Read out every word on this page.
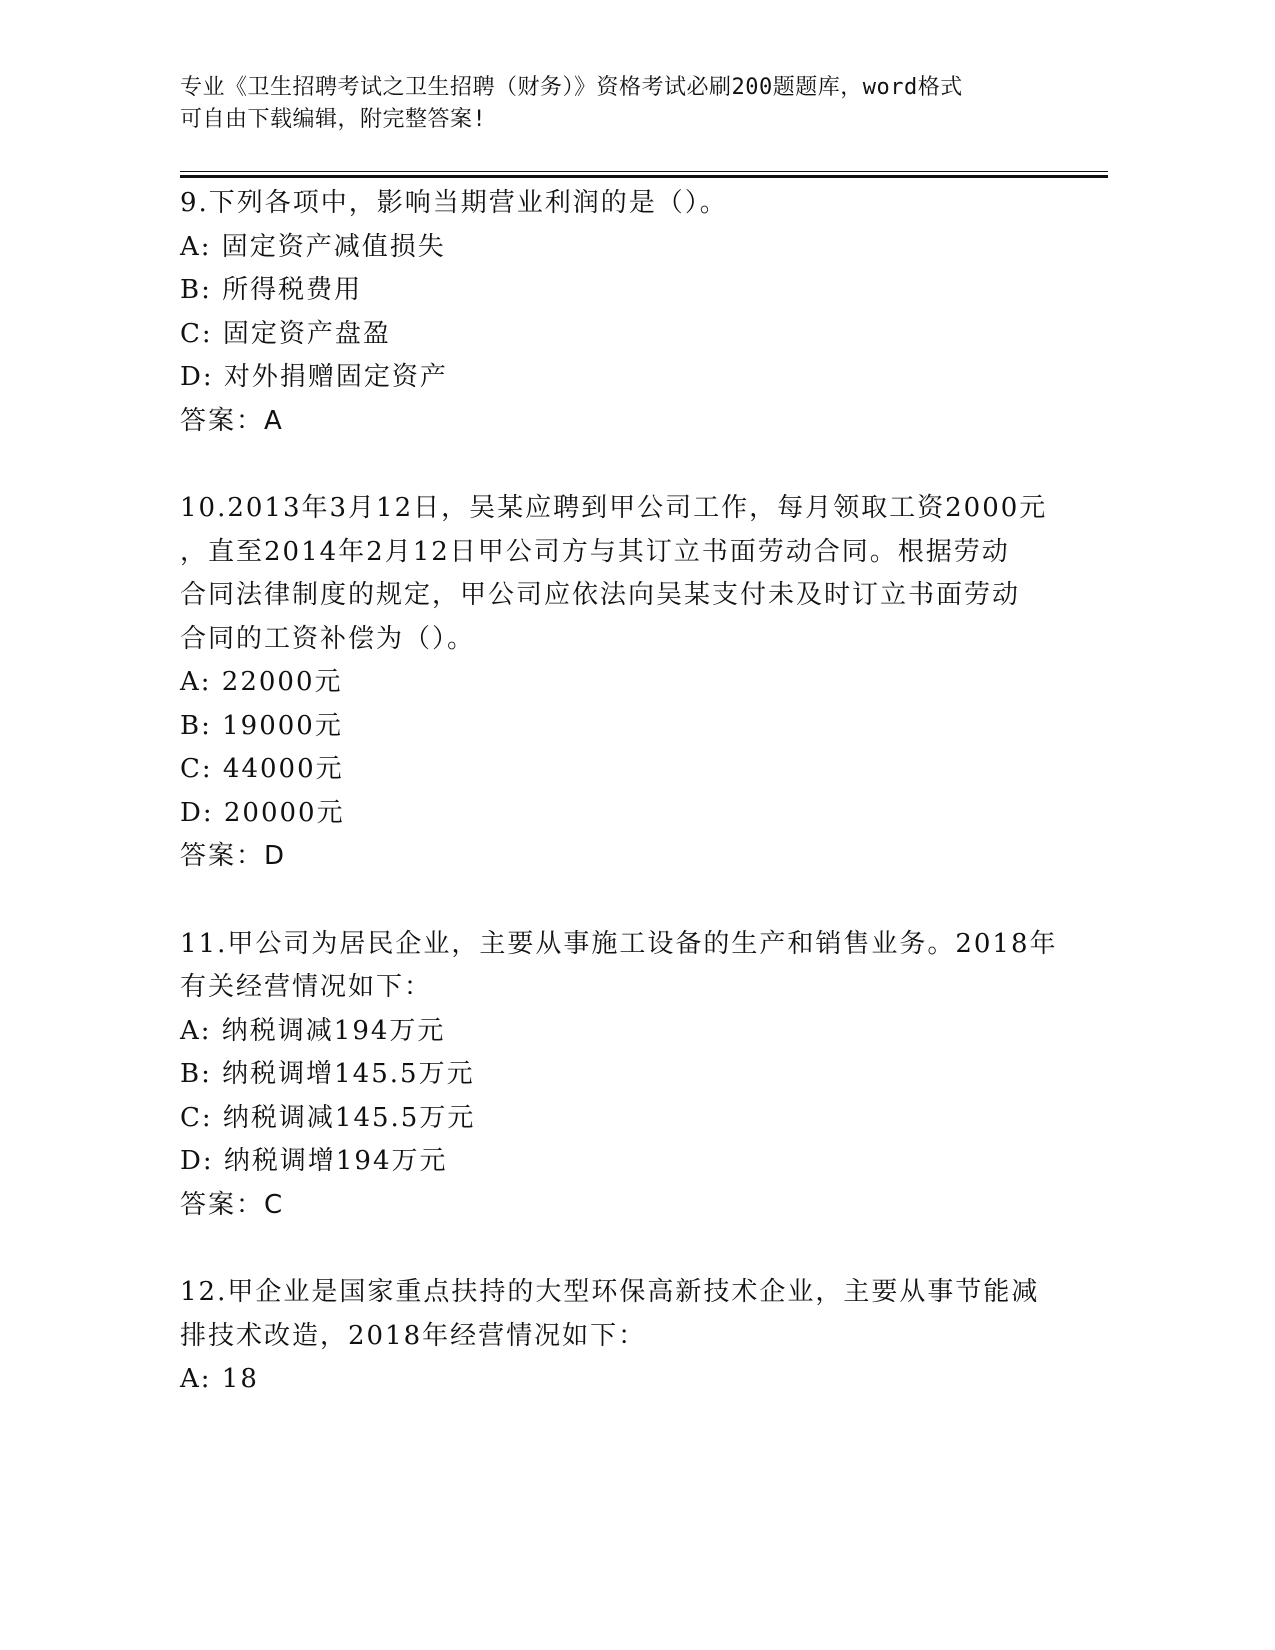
专业《卫生招聘考试之卫生招聘（财务）》资格考试必刷200题题库，word格式
可自由下载编辑，附完整答案!
9.下列各项中，影响当期营业利润的是（）。
A: 固定资产减值损失
B: 所得税费用
C: 固定资产盘盈
D: 对外捐赠固定资产
答案：A
10.2013年3月12日，吴某应聘到甲公司工作，每月领取工资2000元
，直至2014年2月12日甲公司方与其订立书面劳动合同。根据劳动
合同法律制度的规定，甲公司应依法向吴某支付未及时订立书面劳动
合同的工资补偿为（）。
A: 22000元
B: 19000元
C: 44000元
D: 20000元
答案：D
11.甲公司为居民企业，主要从事施工设备的生产和销售业务。2018年
有关经营情况如下：
A: 纳税调减194万元
B: 纳税调增145.5万元
C: 纳税调减145.5万元
D: 纳税调增194万元
答案：C
12.甲企业是国家重点扶持的大型环保高新技术企业，主要从事节能减
排技术改造，2018年经营情况如下：
A: 18
